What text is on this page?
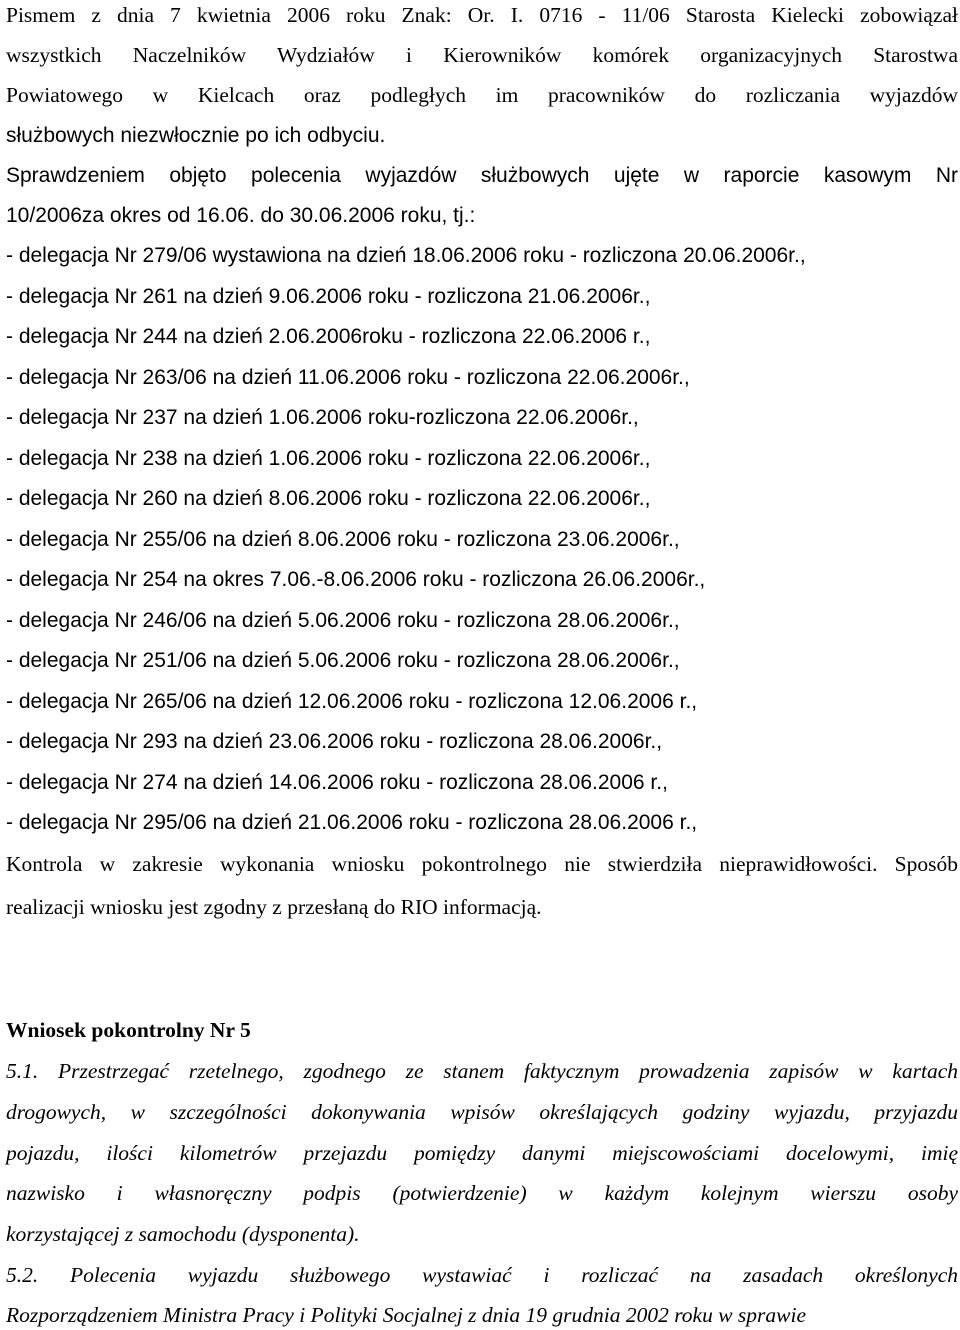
Pismem z dnia 7 kwietnia 2006 roku Znak: Or. I. 0716 - 11/06 Starosta Kielecki zobowiązał
wszystkich Naczelników Wydziałów i Kierowników komórek organizacyjnych Starostwa
Powiatowego w Kielcach oraz podległych im pracowników do rozliczania wyjazdów
służbowych niezwłocznie po ich odbyciu.
Sprawdzeniem objęto polecenia wyjazdów służbowych ujęte w raporcie kasowym Nr
10/2006za okres od 16.06. do 30.06.2006 roku, tj.:
- delegacja Nr 279/06 wystawiona na dzień 18.06.2006 roku - rozliczona 20.06.2006r.,
- delegacja Nr 261 na dzień 9.06.2006 roku - rozliczona 21.06.2006r.,
- delegacja Nr 244 na dzień 2.06.2006roku - rozliczona 22.06.2006 r.,
- delegacja Nr 263/06 na dzień 11.06.2006 roku - rozliczona 22.06.2006r.,
- delegacja Nr 237 na dzień 1.06.2006 roku-rozliczona 22.06.2006r.,
- delegacja Nr 238 na dzień 1.06.2006 roku - rozliczona 22.06.2006r.,
- delegacja Nr 260 na dzień 8.06.2006 roku - rozliczona 22.06.2006r.,
- delegacja Nr 255/06 na dzień 8.06.2006 roku - rozliczona 23.06.2006r.,
- delegacja Nr 254 na okres 7.06.-8.06.2006 roku - rozliczona 26.06.2006r.,
- delegacja Nr 246/06 na dzień 5.06.2006 roku - rozliczona 28.06.2006r.,
- delegacja Nr 251/06 na dzień 5.06.2006 roku - rozliczona 28.06.2006r.,
- delegacja Nr 265/06 na dzień 12.06.2006 roku - rozliczona 12.06.2006 r.,
- delegacja Nr 293 na dzień 23.06.2006 roku - rozliczona 28.06.2006r.,
- delegacja Nr 274 na dzień 14.06.2006 roku - rozliczona 28.06.2006 r.,
- delegacja Nr 295/06 na dzień 21.06.2006 roku - rozliczona 28.06.2006 r.,
Kontrola w zakresie wykonania wniosku pokontrolnego nie stwierdziła nieprawidłowości. Sposób
realizacji wniosku jest zgodny z przesłaną do RIO informacją.
Wniosek pokontrolny Nr 5
5.1. Przestrzegać rzetelnego, zgodnego ze stanem faktycznym prowadzenia zapisów w kartach
drogowych, w szczególności dokonywania wpisów określających godziny wyjazdu, przyjazdu
pojazdu, ilości kilometrów przejazdu pomiędzy danymi miejscowościami docelowymi, imię
nazwisko i własnoręczny podpis (potwierdzenie) w każdym kolejnym wierszu osoby
korzystającej z samochodu (dysponenta).
5.2. Polecenia wyjazdu służbowego wystawiać i rozliczać na zasadach określonych
Rozporządzeniem Ministra Pracy i Polityki Socjalnej z dnia 19 grudnia 2002 roku w sprawie
